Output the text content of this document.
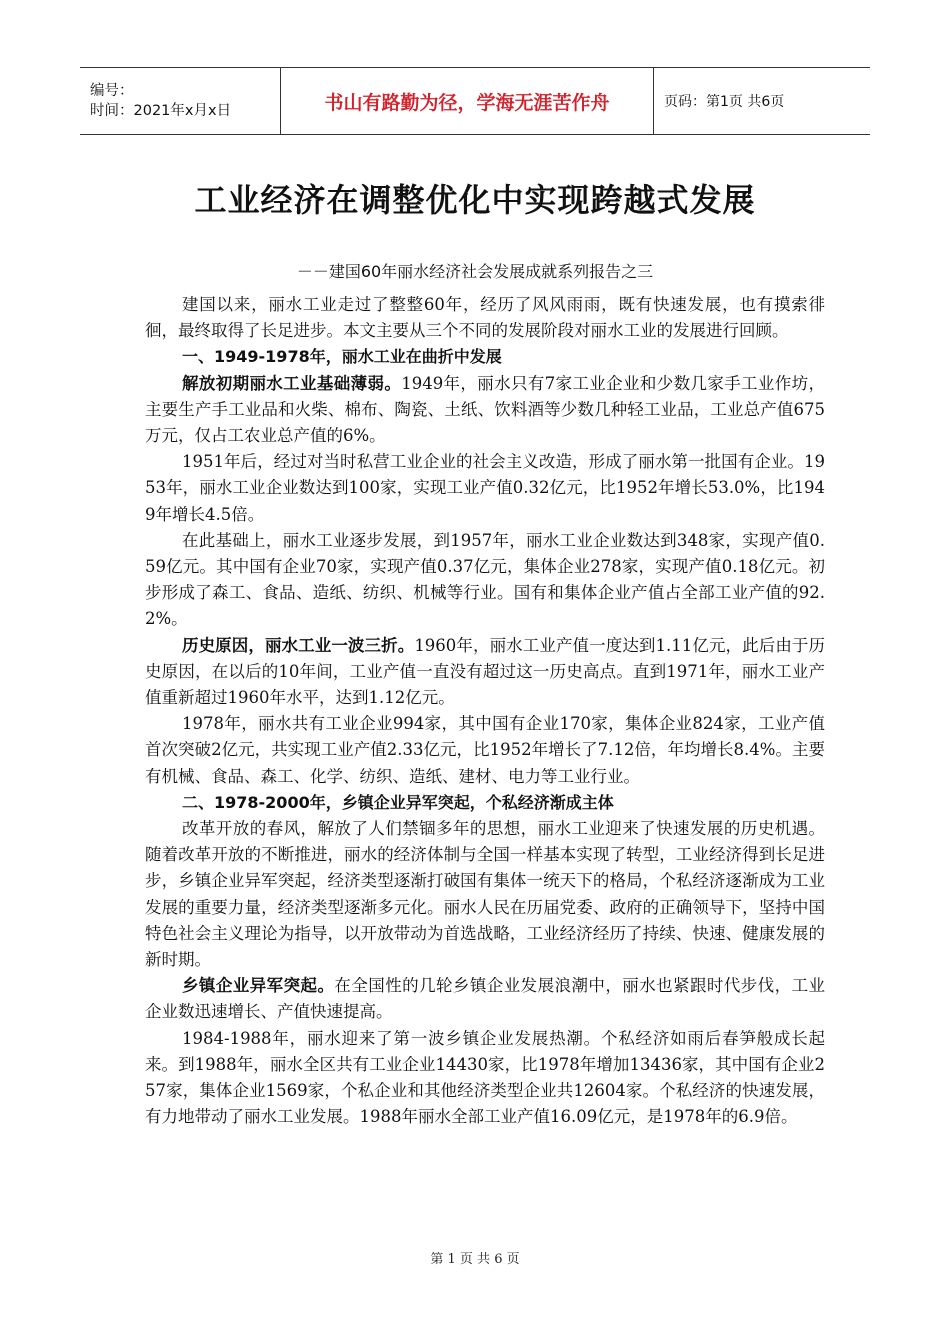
编号：
时间：2021年x月x日	书山有路勤为径，学海无涯苦作舟	页码：第1页 共6页
工业经济在调整优化中实现跨越式发展
－－建国60年丽水经济社会发展成就系列报告之三

建国以来，丽水工业走过了整整60年，经历了风风雨雨，既有快速发展，也有摸索徘徊，最终取得了长足进步。本文主要从三个不同的发展阶段对丽水工业的发展进行回顾。

一、1949-1978年，丽水工业在曲折中发展

解放初期丽水工业基础薄弱。1949年，丽水只有7家工业企业和少数几家手工业作坊，主要生产手工业品和火柴、棉布、陶瓷、土纸、饮料酒等少数几种轻工业品，工业总产值675万元，仅占工农业总产值的6%。

1951年后，经过对当时私营工业企业的社会主义改造，形成了丽水第一批国有企业。1953年，丽水工业企业数达到100家，实现工业产值0.32亿元，比1952年增长53.0%，比1949年增长4.5倍。

在此基础上，丽水工业逐步发展，到1957年，丽水工业企业数达到348家，实现产值0.59亿元。其中国有企业70家，实现产值0.37亿元，集体企业278家，实现产值0.18亿元。初步形成了森工、食品、造纸、纺织、机械等行业。国有和集体企业产值占全部工业产值的92.2%。

历史原因，丽水工业一波三折。1960年，丽水工业产值一度达到1.11亿元，此后由于历史原因，在以后的10年间，工业产值一直没有超过这一历史高点。直到1971年，丽水工业产值重新超过1960年水平，达到1.12亿元。

1978年，丽水共有工业企业994家，其中国有企业170家，集体企业824家，工业产值首次突破2亿元，共实现工业产值2.33亿元，比1952年增长了7.12倍，年均增长8.4%。主要有机械、食品、森工、化学、纺织、造纸、建材、电力等工业行业。

二、1978-2000年，乡镇企业异军突起，个私经济渐成主体

改革开放的春风，解放了人们禁锢多年的思想，丽水工业迎来了快速发展的历史机遇。随着改革开放的不断推进，丽水的经济体制与全国一样基本实现了转型，工业经济得到长足进步，乡镇企业异军突起，经济类型逐渐打破国有集体一统天下的格局，个私经济逐渐成为工业发展的重要力量，经济类型逐渐多元化。丽水人民在历届党委、政府的正确领导下，坚持中国特色社会主义理论为指导，以开放带动为首选战略，工业经济经历了持续、快速、健康发展的新时期。

乡镇企业异军突起。在全国性的几轮乡镇企业发展浪潮中，丽水也紧跟时代步伐，工业企业数迅速增长、产值快速提高。

1984-1988年，丽水迎来了第一波乡镇企业发展热潮。个私经济如雨后春笋般成长起来。到1988年，丽水全区共有工业企业14430家，比1978年增加13436家，其中国有企业257家，集体企业1569家，个私企业和其他经济类型企业共12604家。个私经济的快速发展，有力地带动了丽水工业发展。1988年丽水全部工业产值16.09亿元，是1978年的6.9倍。

第 1 页 共 6 页
